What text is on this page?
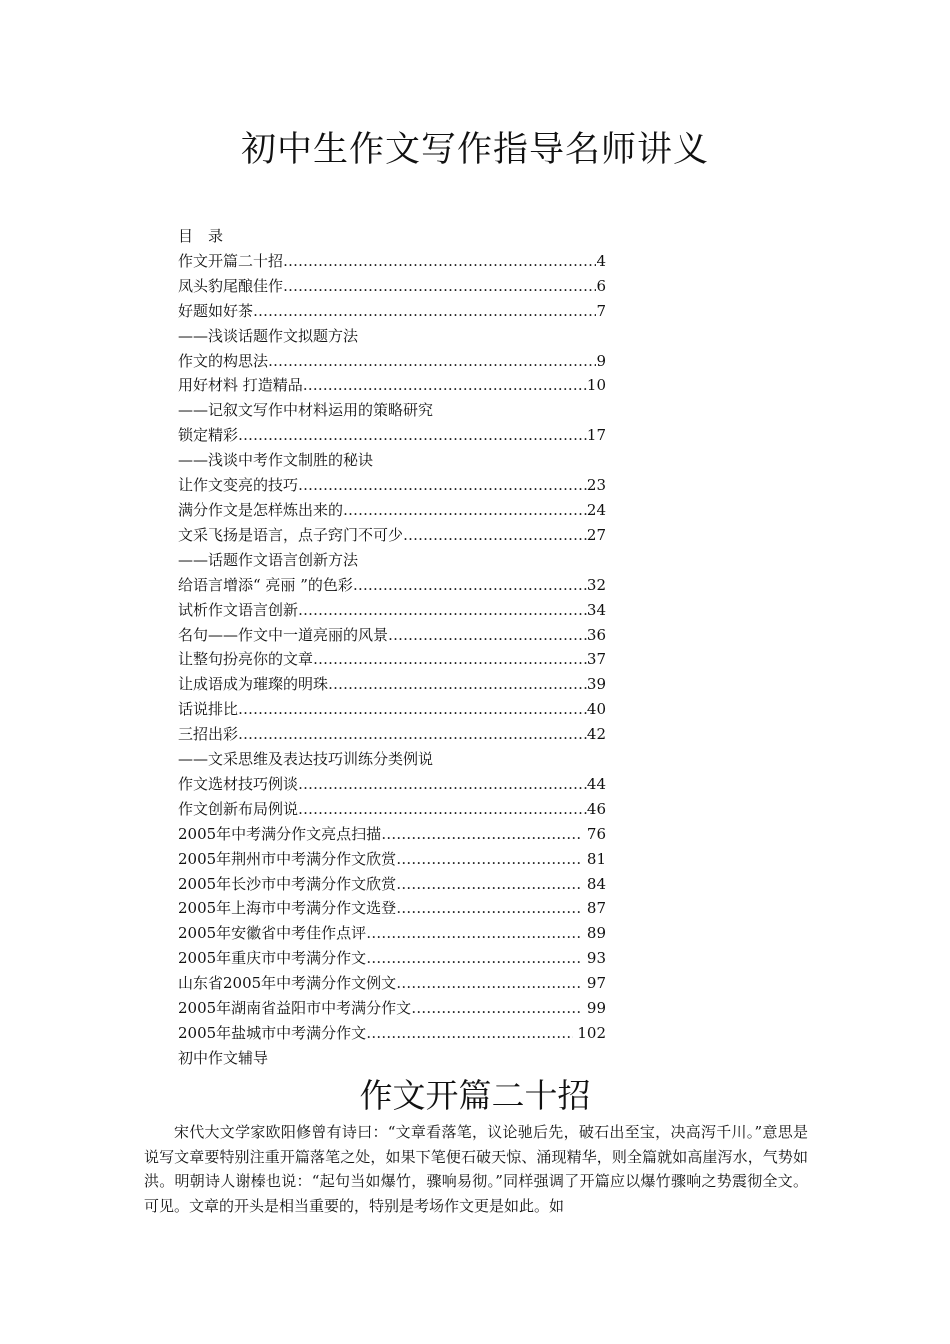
初中生作文写作指导名师讲义
目　录
作文开篇二十招 …………………………………………………………………………………………………………………………………	4
凤头豹尾酿佳作 …………………………………………………………………………………………………………………………………	6
好题如好茶 …………………………………………………………………………………………………………………………………	7
——浅谈话题作文拟题方法
作文的构思法 …………………………………………………………………………………………………………………………………	9
用好材料 打造精品 …………………………………………………………………………………………………………………………………	10
——记叙文写作中材料运用的策略研究
锁定精彩 …………………………………………………………………………………………………………………………………	17
——浅谈中考作文制胜的秘诀
让作文变亮的技巧 …………………………………………………………………………………………………………………………………	23
满分作文是怎样炼出来的 …………………………………………………………………………………………………………………………………	24
文采飞扬是语言，点子窍门不可少 …………………………………………………………………………………………………………………………………	27
——话题作文语言创新方法
给语言增添“ 亮丽 ”的色彩 …………………………………………………………………………………………………………………………………	32
试析作文语言创新 …………………………………………………………………………………………………………………………………	34
名句——作文中一道亮丽的风景 …………………………………………………………………………………………………………………………………	36
让整句扮亮你的文章 …………………………………………………………………………………………………………………………………	37
让成语成为璀璨的明珠 …………………………………………………………………………………………………………………………………	39
话说排比 …………………………………………………………………………………………………………………………………	40
三招出彩 …………………………………………………………………………………………………………………………………	42
——文采思维及表达技巧训练分类例说
作文选材技巧例谈 …………………………………………………………………………………………………………………………………	44
作文创新布局例说 …………………………………………………………………………………………………………………………………	46
2005年中考满分作文亮点扫描 …………………………………………………………………………………………………………………………………	76
2005年荆州市中考满分作文欣赏 …………………………………………………………………………………………………………………………………	81
2005年长沙市中考满分作文欣赏 …………………………………………………………………………………………………………………………………	84
2005年上海市中考满分作文选登 …………………………………………………………………………………………………………………………………	87
2005年安徽省中考佳作点评 …………………………………………………………………………………………………………………………………	89
2005年重庆市中考满分作文 …………………………………………………………………………………………………………………………………	93
山东省2005年中考满分作文例文 …………………………………………………………………………………………………………………………………	97
2005年湖南省益阳市中考满分作文 …………………………………………………………………………………………………………………………………	99
2005年盐城市中考满分作文 …………………………………………………………………………………………………………………………………	102
初中作文辅导
作文开篇二十招

宋代大文学家欧阳修曾有诗曰：“文章看落笔，议论驰后先，破石出至宝，决高泻千川。”意思是说写文章要特别注重开篇落笔之处，如果下笔便石破天惊、涌现精华，则全篇就如高崖泻水，气势如洪。明朝诗人谢榛也说：“起句当如爆竹，骤响易彻。”同样强调了开篇应以爆竹骤响之势震彻全文。可见。文章的开头是相当重要的，特别是考场作文更是如此。如
